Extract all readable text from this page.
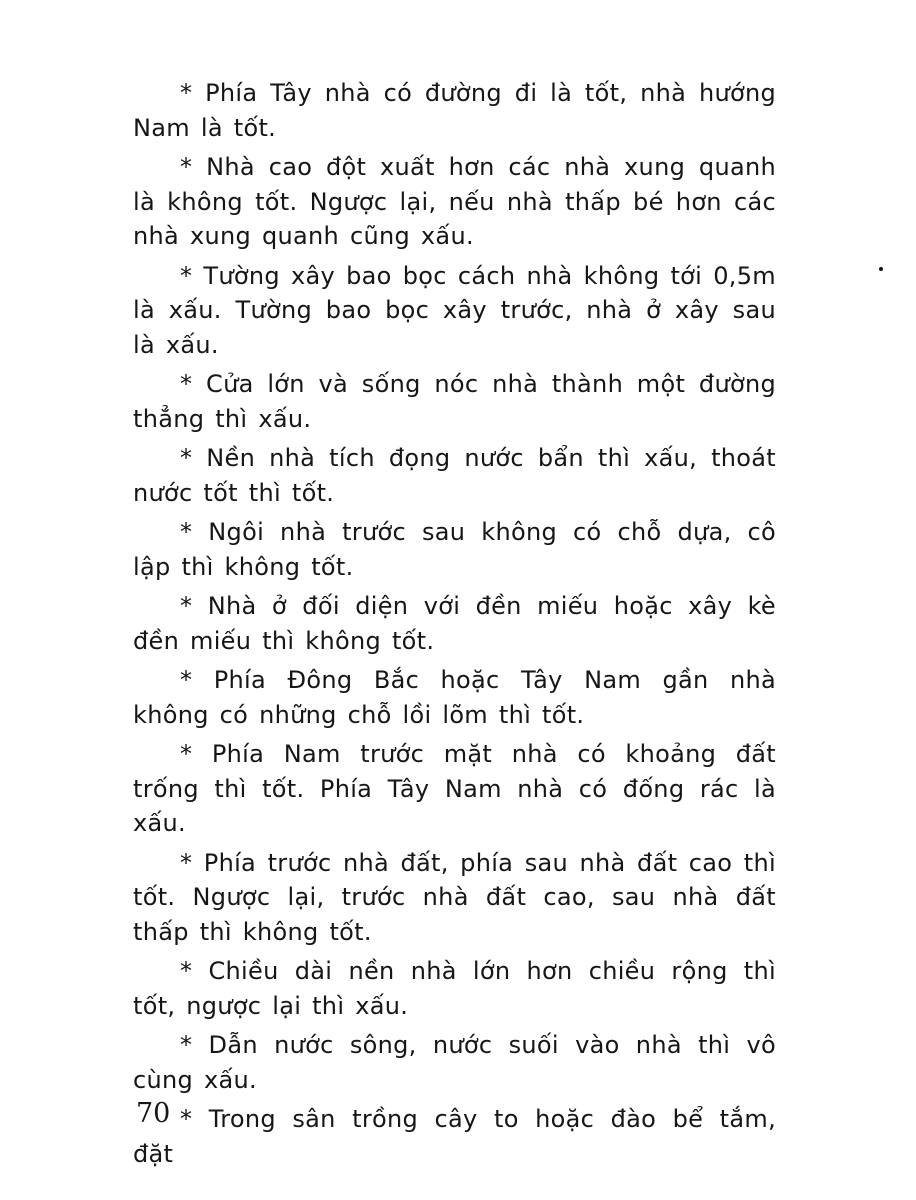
* Phía Tây nhà có đường đi là tốt, nhà hướng Nam là tốt.

* Nhà cao đột xuất hơn các nhà xung quanh là không tốt. Ngược lại, nếu nhà thấp bé hơn các nhà xung quanh cũng xấu.

* Tường xây bao bọc cách nhà không tới 0,5m là xấu. Tường bao bọc xây trước, nhà ở xây sau là xấu.

* Cửa lớn và sống nóc nhà thành một đường thẳng thì xấu.

* Nền nhà tích đọng nước bẩn thì xấu, thoát nước tốt thì tốt.

* Ngôi nhà trước sau không có chỗ dựa, cô lập thì không tốt.

* Nhà ở đối diện với đền miếu hoặc xây kè đền miếu thì không tốt.

* Phía Đông Bắc hoặc Tây Nam gần nhà không có những chỗ lồi lõm thì tốt.

* Phía Nam trước mặt nhà có khoảng đất trống thì tốt. Phía Tây Nam nhà có đống rác là xấu.

* Phía trước nhà đất, phía sau nhà đất cao thì tốt. Ngược lại, trước nhà đất cao, sau nhà đất thấp thì không tốt.

* Chiều dài nền nhà lớn hơn chiều rộng thì tốt, ngược lại thì xấu.

* Dẫn nước sông, nước suối vào nhà thì vô cùng xấu.

* Trong sân trồng cây to hoặc đào bể tắm, đặt

70
